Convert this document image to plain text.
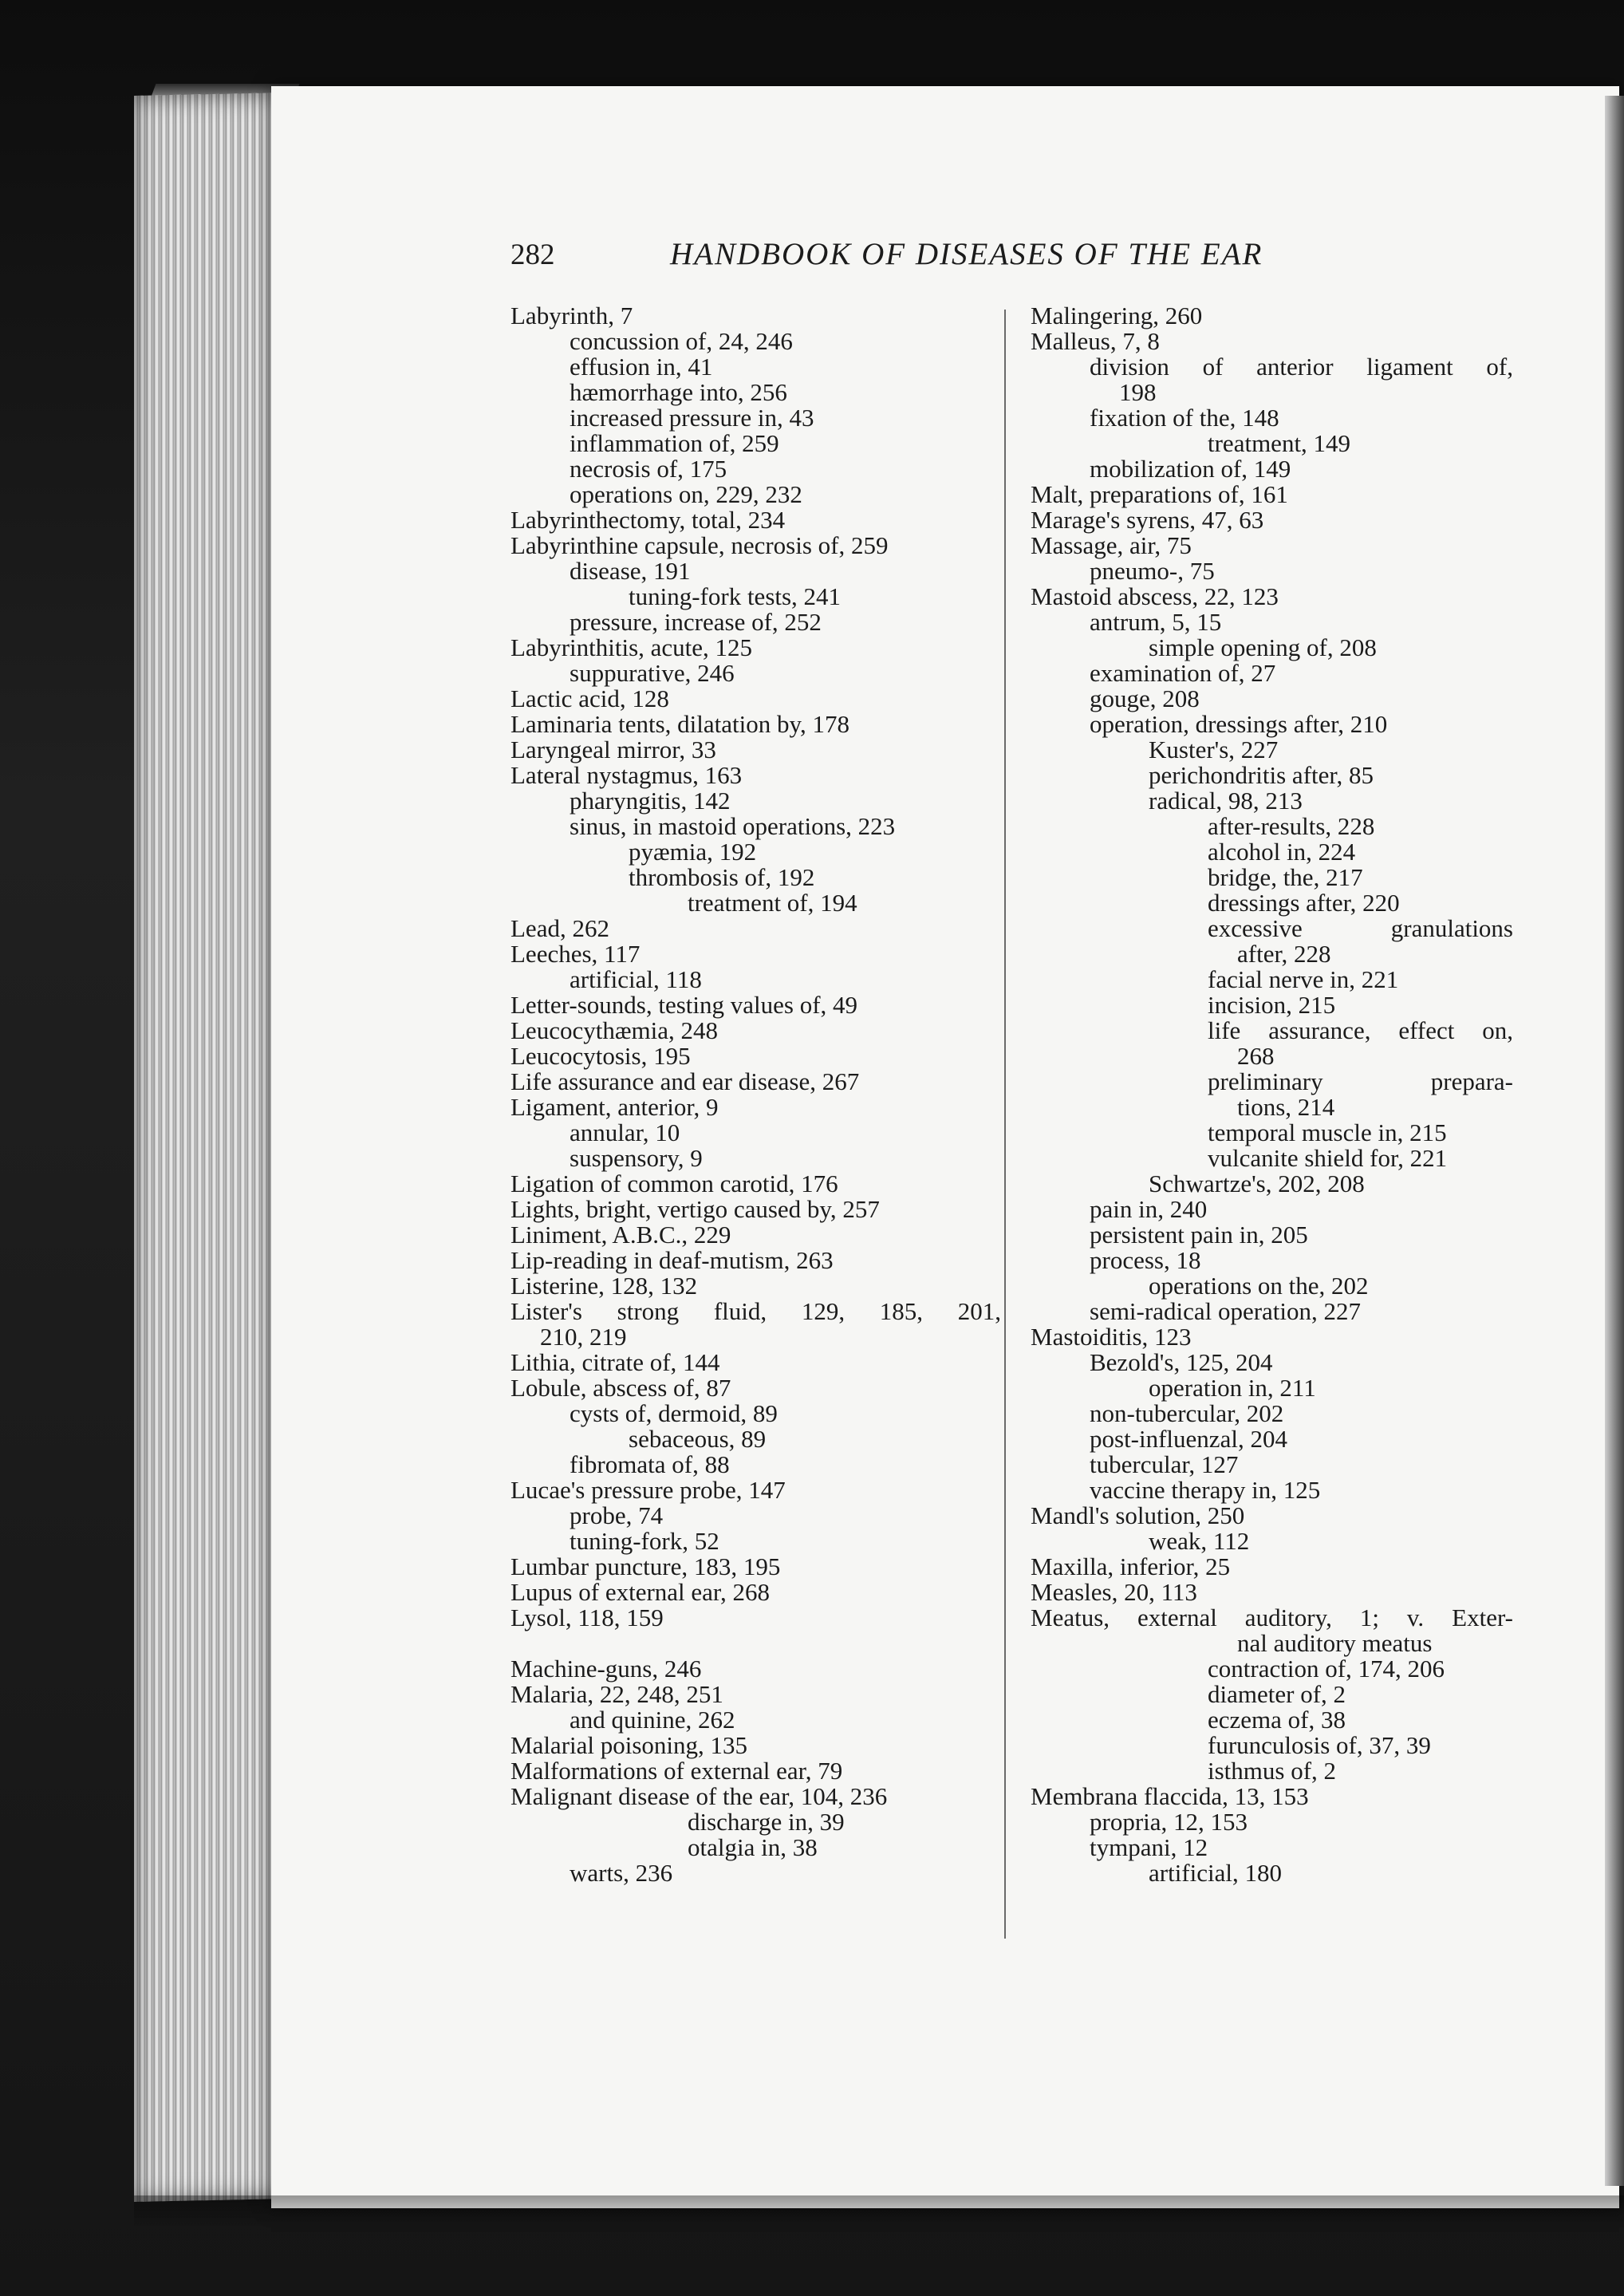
282	HANDBOOK OF DISEASES OF THE EAR
Labyrinth, 7
concussion of, 24, 246
effusion in, 41
hæmorrhage into, 256
increased pressure in, 43
inflammation of, 259
necrosis of, 175
operations on, 229, 232
Labyrinthectomy, total, 234
Labyrinthine capsule, necrosis of, 259
disease, 191
tuning-fork tests, 241
pressure, increase of, 252
Labyrinthitis, acute, 125
suppurative, 246
Lactic acid, 128
Laminaria tents, dilatation by, 178
Laryngeal mirror, 33
Lateral nystagmus, 163
pharyngitis, 142
sinus, in mastoid operations, 223
pyæmia, 192
thrombosis of, 192
treatment of, 194
Lead, 262
Leeches, 117
artificial, 118
Letter-sounds, testing values of, 49
Leucocythæmia, 248
Leucocytosis, 195
Life assurance and ear disease, 267
Ligament, anterior, 9
annular, 10
suspensory, 9
Ligation of common carotid, 176
Lights, bright, vertigo caused by, 257
Liniment, A.B.C., 229
Lip-reading in deaf-mutism, 263
Listerine, 128, 132
Lister's strong fluid, 129, 185, 201,
210, 219
Lithia, citrate of, 144
Lobule, abscess of, 87
cysts of, dermoid, 89
sebaceous, 89
fibromata of, 88
Lucae's pressure probe, 147
probe, 74
tuning-fork, 52
Lumbar puncture, 183, 195
Lupus of external ear, 268
Lysol, 118, 159
Machine-guns, 246
Malaria, 22, 248, 251
and quinine, 262
Malarial poisoning, 135
Malformations of external ear, 79
Malignant disease of the ear, 104, 236
discharge in, 39
otalgia in, 38
warts, 236
Malingering, 260
Malleus, 7, 8
division of anterior ligament of,
198
fixation of the, 148
treatment, 149
mobilization of, 149
Malt, preparations of, 161
Marage's syrens, 47, 63
Massage, air, 75
pneumo-, 75
Mastoid abscess, 22, 123
antrum, 5, 15
simple opening of, 208
examination of, 27
gouge, 208
operation, dressings after, 210
Kuster's, 227
perichondritis after, 85
radical, 98, 213
after-results, 228
alcohol in, 224
bridge, the, 217
dressings after, 220
excessive granulations
after, 228
facial nerve in, 221
incision, 215
life assurance, effect on,
268
preliminary prepara-
tions, 214
temporal muscle in, 215
vulcanite shield for, 221
Schwartze's, 202, 208
pain in, 240
persistent pain in, 205
process, 18
operations on the, 202
semi-radical operation, 227
Mastoiditis, 123
Bezold's, 125, 204
operation in, 211
non-tubercular, 202
post-influenzal, 204
tubercular, 127
vaccine therapy in, 125
Mandl's solution, 250
weak, 112
Maxilla, inferior, 25
Measles, 20, 113
Meatus, external auditory, 1; v. Exter-
nal auditory meatus
contraction of, 174, 206
diameter of, 2
eczema of, 38
furunculosis of, 37, 39
isthmus of, 2
Membrana flaccida, 13, 153
propria, 12, 153
tympani, 12
artificial, 180
